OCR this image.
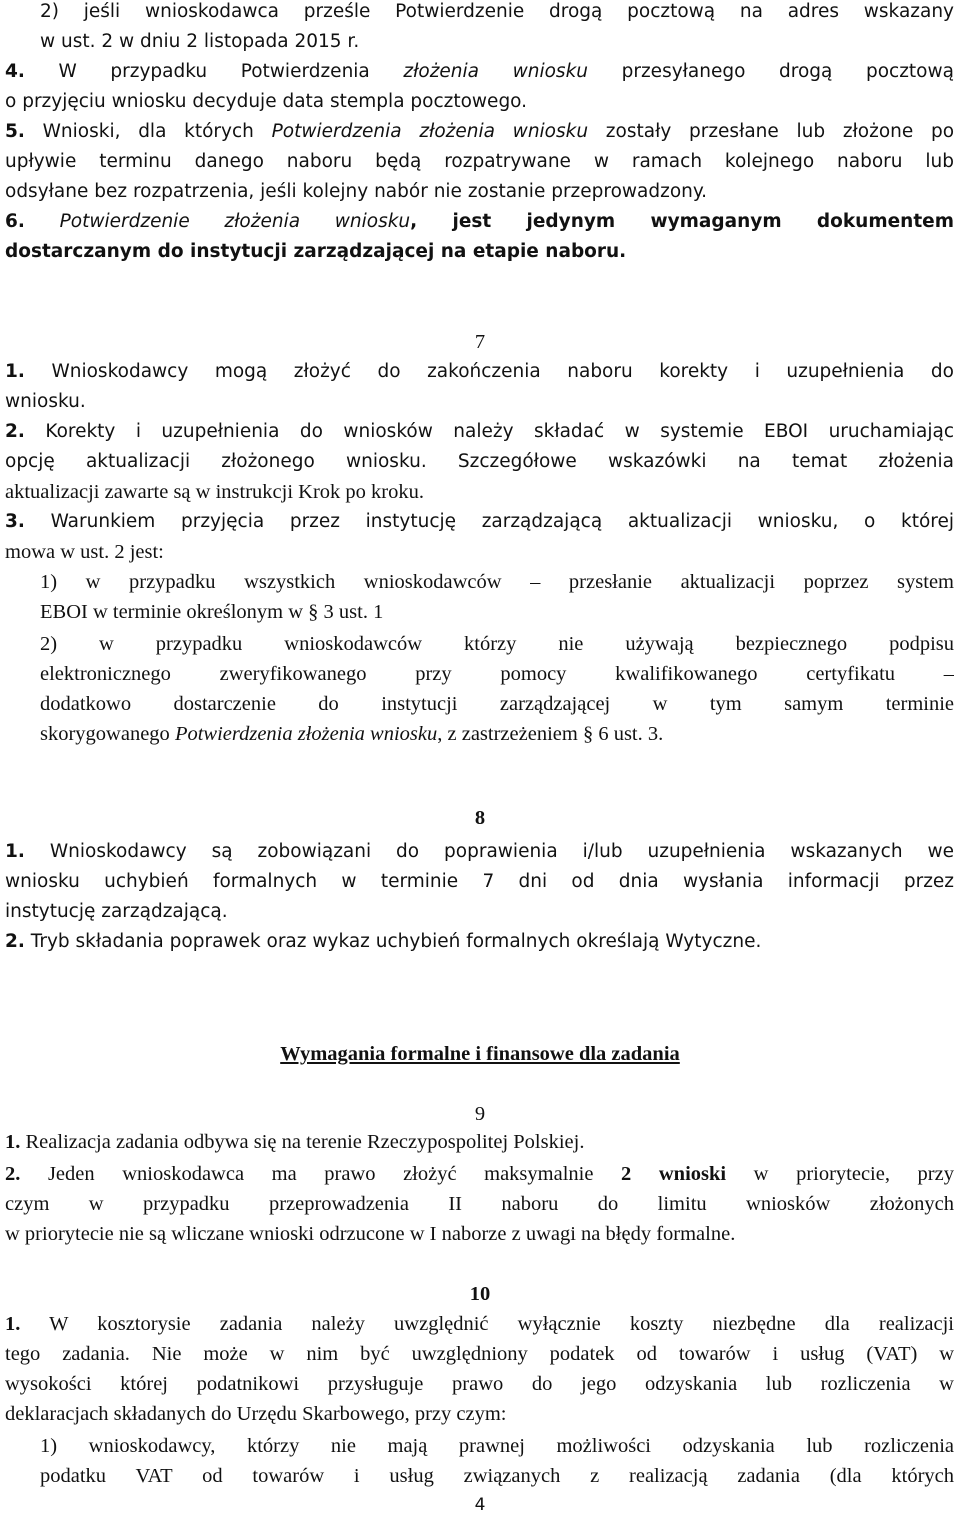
2) jeśli wnioskodawca prześle Potwierdzenie drogą pocztową na adres wskazany
w ust. 2 w dniu 2 listopada 2015 r.
4. W przypadku Potwierdzenia złożenia wniosku przesyłanego drogą pocztową
o przyjęciu wniosku decyduje data stempla pocztowego.
5. Wnioski, dla których Potwierdzenia złożenia wniosku zostały przesłane lub złożone po
upływie terminu danego naboru będą rozpatrywane w ramach kolejnego naboru lub
odsyłane bez rozpatrzenia, jeśli kolejny nabór nie zostanie przeprowadzony.
6. Potwierdzenie złożenia wniosku, jest jedynym wymaganym dokumentem
dostarczanym do instytucji zarządzającej na etapie naboru.
7
1. Wnioskodawcy mogą złożyć do zakończenia naboru korekty i uzupełnienia do
wniosku.
2. Korekty i uzupełnienia do wniosków należy składać w systemie EBOI uruchamiając
opcję aktualizacji złożonego wniosku. Szczegółowe wskazówki na temat złożenia
aktualizacji zawarte są w instrukcji Krok po kroku.
3. Warunkiem przyjęcia przez instytucję zarządzającą aktualizacji wniosku, o której
mowa w ust. 2 jest:
1) w przypadku wszystkich wnioskodawców – przesłanie aktualizacji poprzez system
EBOI w terminie określonym w § 3 ust. 1
2) w przypadku wnioskodawców którzy nie używają bezpiecznego podpisu
elektronicznego zweryfikowanego przy pomocy kwalifikowanego certyfikatu –
dodatkowo dostarczenie do instytucji zarządzającej w tym samym terminie
skorygowanego Potwierdzenia złożenia wniosku, z zastrzeżeniem § 6 ust. 3.
8
1. Wnioskodawcy są zobowiązani do poprawienia i/lub uzupełnienia wskazanych we
wniosku uchybień formalnych w terminie 7 dni od dnia wysłania informacji przez
instytucję zarządzającą.
2. Tryb składania poprawek oraz wykaz uchybień formalnych określają Wytyczne.
Wymagania formalne i finansowe dla zadania
9
1. Realizacja zadania odbywa się na terenie Rzeczypospolitej Polskiej.
2. Jeden wnioskodawca ma prawo złożyć maksymalnie 2 wnioski w priorytecie, przy
czym w przypadku przeprowadzenia II naboru do limitu wniosków złożonych
w priorytecie nie są wliczane wnioski odrzucone w I naborze z uwagi na błędy formalne.
10
1. W kosztorysie zadania należy uwzględnić wyłącznie koszty niezbędne dla realizacji
tego zadania. Nie może w nim być uwzględniony podatek od towarów i usług (VAT) w
wysokości której podatnikowi przysługuje prawo do jego odzyskania lub rozliczenia w
deklaracjach składanych do Urzędu Skarbowego, przy czym:
1) wnioskodawcy, którzy nie mają prawnej możliwości odzyskania lub rozliczenia
podatku VAT od towarów i usług związanych z realizacją zadania (dla których
4
